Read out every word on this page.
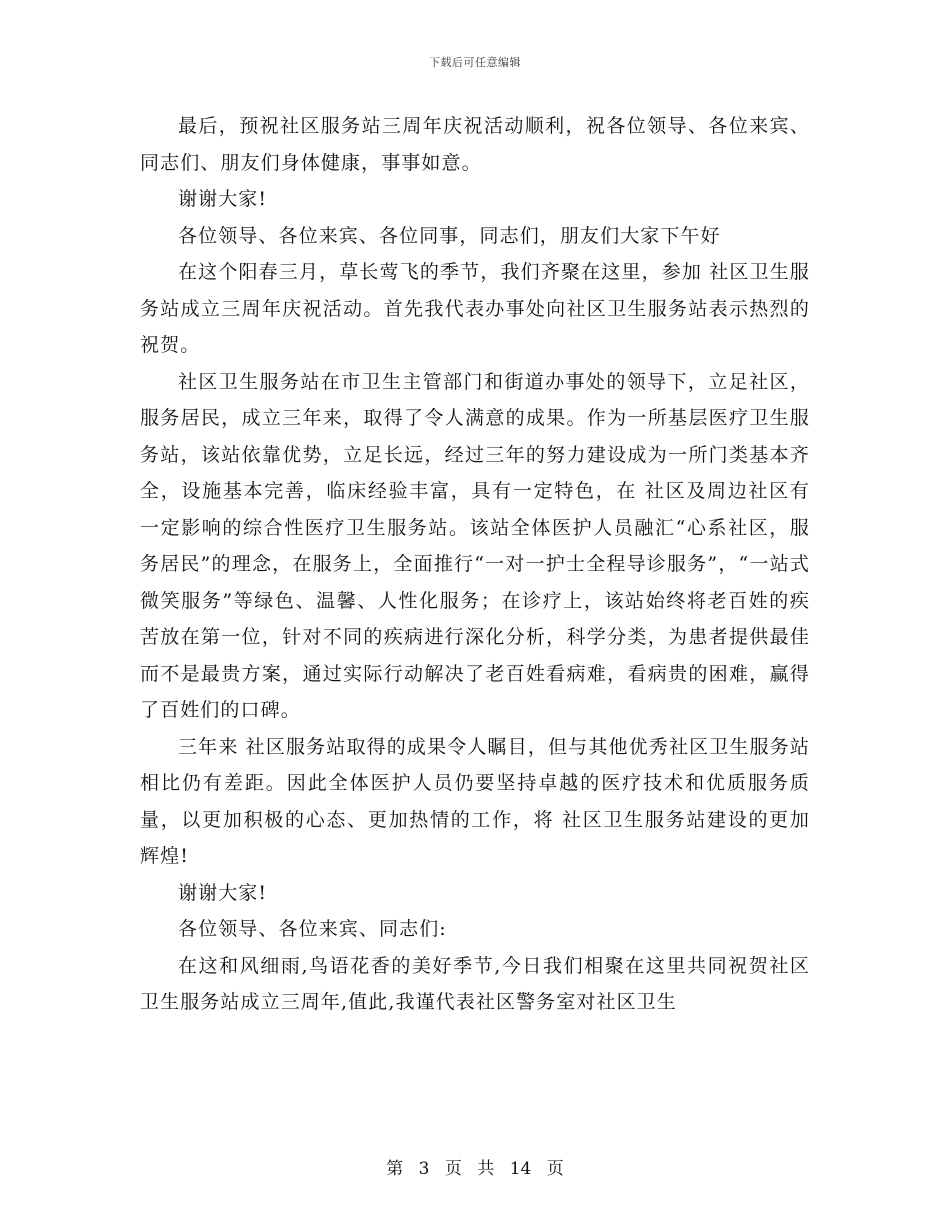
下载后可任意编辑

最后，预祝社区服务站三周年庆祝活动顺利，祝各位领导、各位来宾、同志们、朋友们身体健康，事事如意。

谢谢大家!

各位领导、各位来宾、各位同事，同志们，朋友们大家下午好

在这个阳春三月，草长莺飞的季节，我们齐聚在这里，参加 社区卫生服务站成立三周年庆祝活动。首先我代表办事处向社区卫生服务站表示热烈的祝贺。

社区卫生服务站在市卫生主管部门和街道办事处的领导下，立足社区，服务居民，成立三年来，取得了令人满意的成果。作为一所基层医疗卫生服务站，该站依靠优势，立足长远，经过三年的努力建设成为一所门类基本齐全，设施基本完善，临床经验丰富，具有一定特色，在 社区及周边社区有一定影响的综合性医疗卫生服务站。该站全体医护人员融汇“心系社区，服务居民”的理念，在服务上，全面推行“一对一护士全程导诊服务”，“一站式微笑服务”等绿色、温馨、人性化服务；在诊疗上，该站始终将老百姓的疾苦放在第一位，针对不同的疾病进行深化分析，科学分类，为患者提供最佳而不是最贵方案，通过实际行动解决了老百姓看病难，看病贵的困难，赢得了百姓们的口碑。

三年来 社区服务站取得的成果令人瞩目，但与其他优秀社区卫生服务站相比仍有差距。因此全体医护人员仍要坚持卓越的医疗技术和优质服务质量，以更加积极的心态、更加热情的工作，将 社区卫生服务站建设的更加辉煌!

谢谢大家!

各位领导、各位来宾、同志们:

在这和风细雨,鸟语花香的美好季节,今日我们相聚在这里共同祝贺社区卫生服务站成立三周年,值此,我谨代表社区警务室对社区卫生

第 3 页 共 14 页
